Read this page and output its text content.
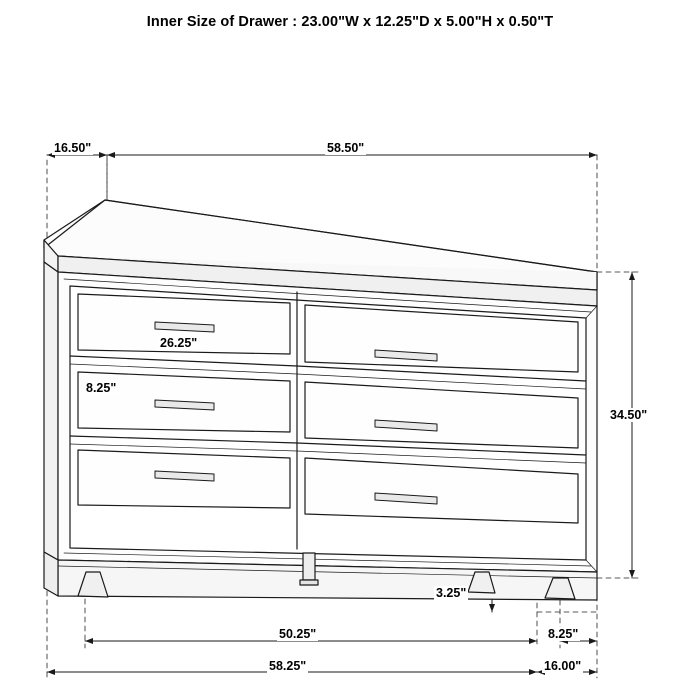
Inner Size of Drawer : 23.00"W x 12.25"D x 5.00"H x 0.50"T
16.50"	58.50"
34.50"
26.25"
8.25"
50.25"
58.25"
3.25"
8.25"
16.00"
